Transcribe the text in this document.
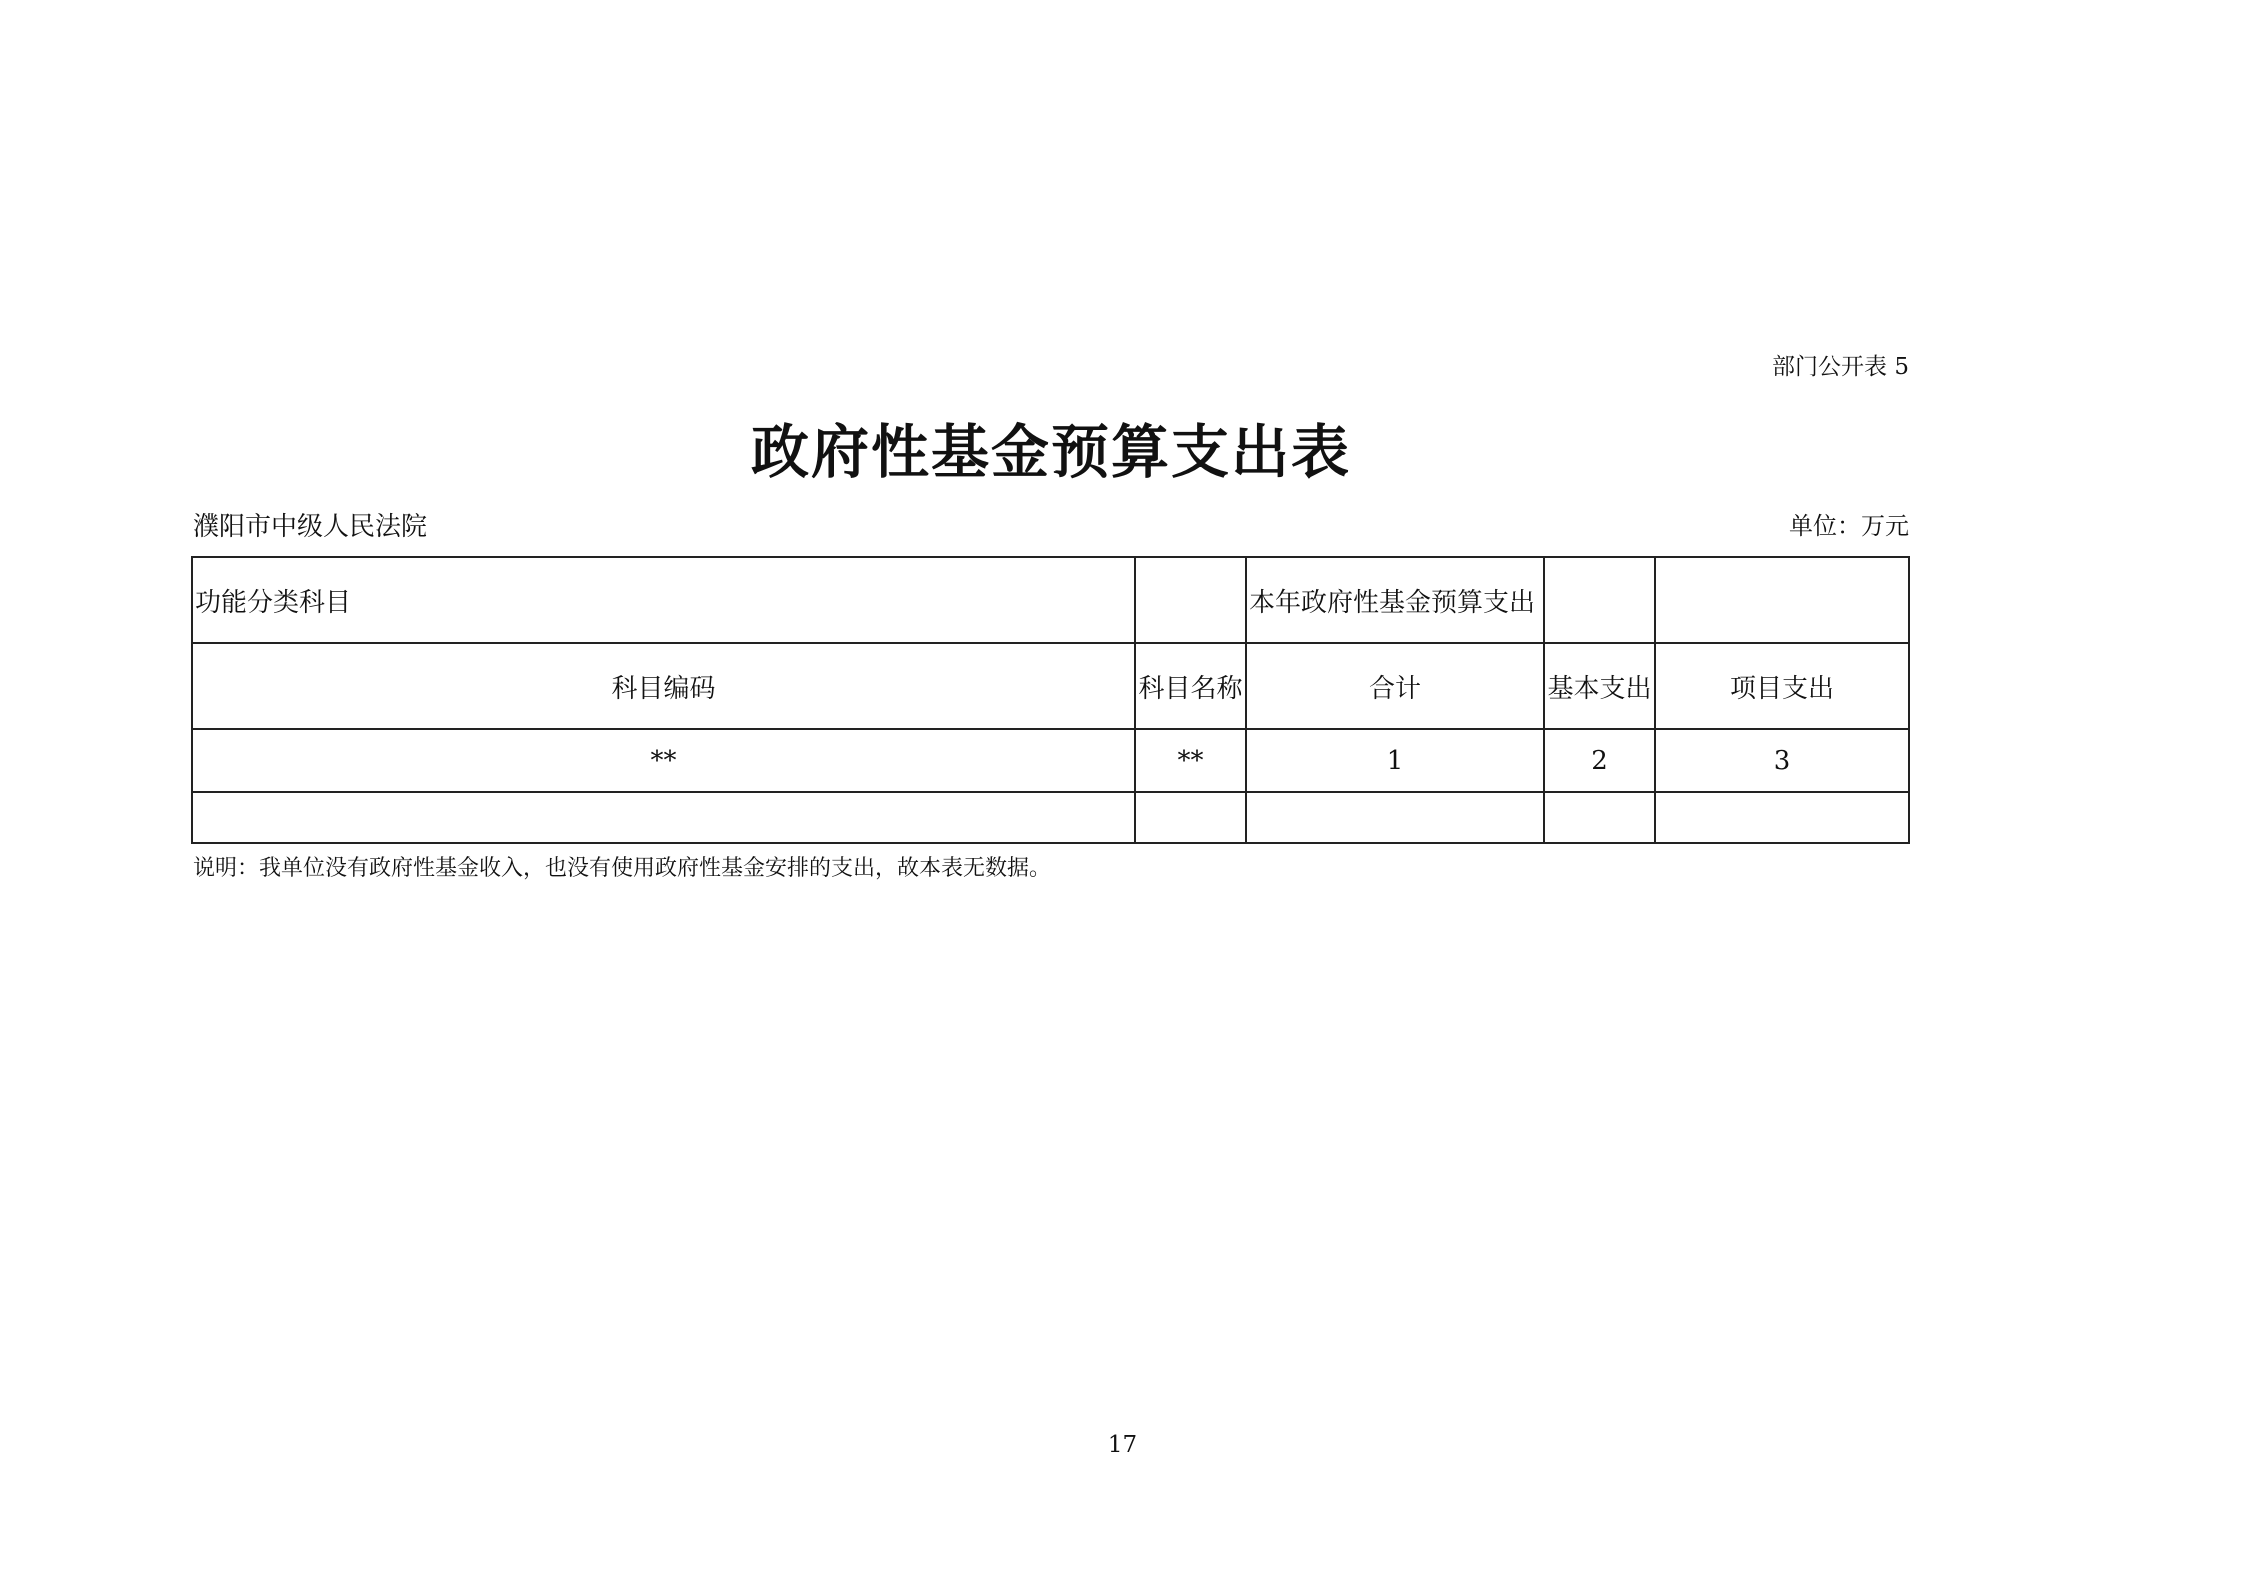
部门公开表 5
政府性基金预算支出表
濮阳市中级人民法院	单位：万元
功能分类科目		本年政府性基金预算支出		
科目编码	科目名称	合计	基本支出	项目支出
**	**	1	2	3

说明：我单位没有政府性基金收入，也没有使用政府性基金安排的支出，故本表无数据。
17
